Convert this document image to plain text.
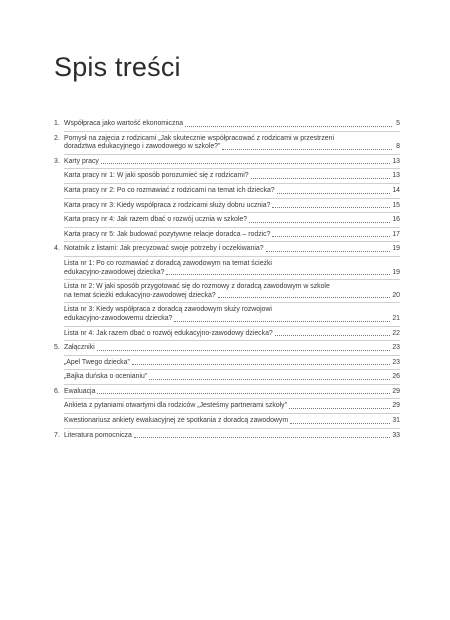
Spis treści
1. Współpraca jako wartość ekonomiczna	5
2. Pomysł na zajęcia z rodzicami „Jak skutecznie współpracować z rodzicami w przestrzeni
doradztwa edukacyjnego i zawodowego w szkole?”	8
3. Karty pracy	13
Karta pracy nr 1: W jaki sposób porozumieć się z rodzicami?	13
Karta pracy nr 2: Po co rozmawiać z rodzicami na temat ich dziecka?	14
Karta pracy nr 3: Kiedy współpraca z rodzicami służy dobru ucznia?	15
Karta pracy nr 4: Jak razem dbać o rozwój ucznia w szkole?	16
Karta pracy nr 5: Jak budować pozytywne relacje doradca – rodzic?	17
4. Notatnik z listami: Jak precyzować swoje potrzeby i oczekiwania?	19
Lista nr 1: Po co rozmawiać z doradcą zawodowym na temat ścieżki
edukacyjno-zawodowej dziecka?	19
Lista nr 2: W jaki sposób przygotować się do rozmowy z doradcą zawodowym w szkole
na temat ścieżki edukacyjno-zawodowej dziecka?	20
Lista nr 3: Kiedy współpraca z doradcą zawodowym służy rozwojowi
edukacyjno-zawodowemu dziecka?	21
Lista nr 4: Jak razem dbać o rozwój edukacyjno-zawodowy dziecka?	22
5. Załączniki	23
„Apel Twego dziecka”	23
„Bajka duńska o ocenianiu”	26
6. Ewaluacja	29
Ankieta z pytaniami otwartymi dla rodziców „Jesteśmy partnerami szkoły”	29
Kwestionariusz ankiety ewaluacyjnej ze spotkania z doradcą zawodowym	31
7. Literatura pomocnicza	33
